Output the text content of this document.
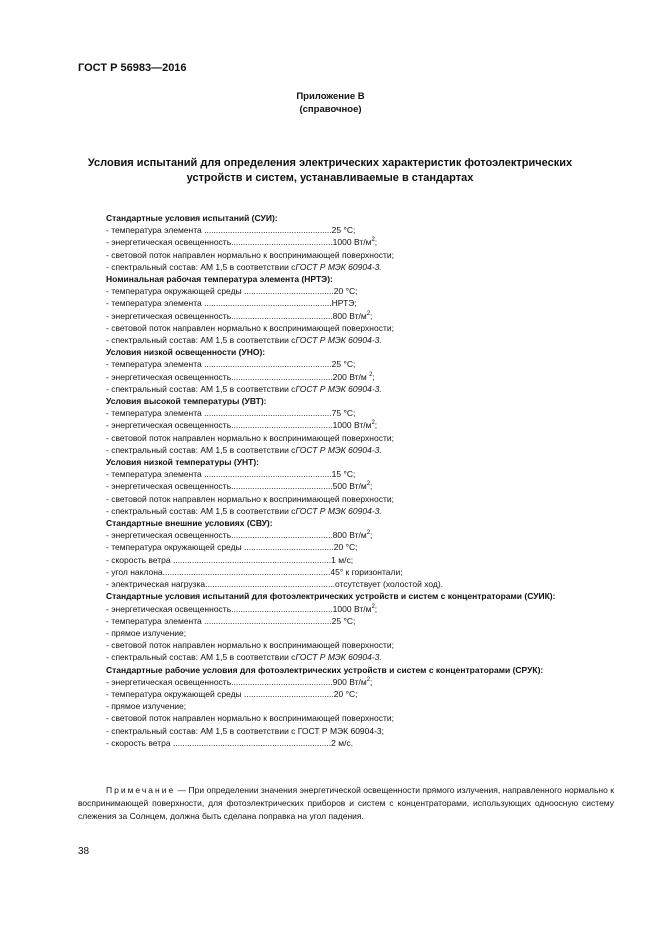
ГОСТ Р 56983—2016
Приложение В
(справочное)
Условия испытаний для определения электрических характеристик фотоэлектрических
устройств и систем, устанавливаемые в стандартах
Стандартные условия испытаний (СУИ):
- температура элемента ......................................................25 °С;
- энергетическая освещенность...........................................1000 $Вт/м^2$;
- световой поток направлен нормально к воспринимающей поверхности;
- спектральный состав: АМ 1,5 в соответствии сГОСТ Р МЭК 60904-3.
Номинальная рабочая температура элемента (НРТЭ):
- температура окружающей среды ......................................20 °С;
- температура элемента ......................................................НРТЭ;
- энергетическая освещенность...........................................800 $Вт/м^2$;
- световой поток направлен нормально к воспринимающей поверхности;
- спектральный состав: АМ 1,5 в соответствии сГОСТ Р МЭК 60904-3.
Условия низкой освещенности (УНО):
- температура элемента ......................................................25 °С;
- энергетическая освещенность...........................................200 Вт/м $^2$;
- спектральный состав: АМ 1,5 в соответствии сГОСТ Р МЭК 60904-3.
Условия высокой температуры (УВТ):
- температура элемента ......................................................75 °С;
- энергетическая освещенность...........................................1000 $Вт/м^2$;
- световой поток направлен нормально к воспринимающей поверхности;
- спектральный состав: АМ 1,5 в соответствии сГОСТ Р МЭК 60904-3.
Условия низкой температуры (УНТ):
- температура элемента ......................................................15 °С;
- энергетическая освещенность...........................................500 $Вт/м^2$;
- световой поток направлен нормально к воспринимающей поверхности;
- спектральный состав: АМ 1,5 в соответствии сГОСТ Р МЭК 60904-3.
Стандартные внешние условиях (СВУ):
- энергетическая освещенность...........................................800 $Вт/м^2$;
- температура окружающей среды ......................................20 °С;
- скорость ветра ...................................................................1 м/с;
- угол наклона.......................................................................45° к горизонтали;
- электрическая нагрузка.......................................................отсутствует (холостой ход).
Стандартные условия испытаний для фотоэлектрических устройств и систем с концентраторами (СУИК):
- энергетическая освещенность...........................................1000 $Вт/м^2$;
- температура элемента ......................................................25 °С;
- прямое излучение;
- световой поток направлен нормально к воспринимающей поверхности;
- спектральный состав: АМ 1,5 в соответствии сГОСТ Р МЭК 60904-3.
Стандартные рабочие условия для фотоэлектрических устройств и систем с концентраторами (СРУК):
- энергетическая освещенность...........................................900 $Вт/м^2$;
- температура окружающей среды ......................................20 °С;
- прямое излучение;
- световой поток направлен нормально к воспринимающей поверхности;
- спектральный состав: АМ 1,5 в соответствии с ГОСТ Р МЭК 60904-3;
- скорость ветра ...................................................................2 м/с.
Примечание — При определении значения энергетической освещенности прямого излучения, направленного нормально к воспринимающей поверхности, для фотоэлектрических приборов и систем с концентраторами, использующих одноосную систему слежения за Солнцем, должна быть сделана поправка на угол падения.
38
